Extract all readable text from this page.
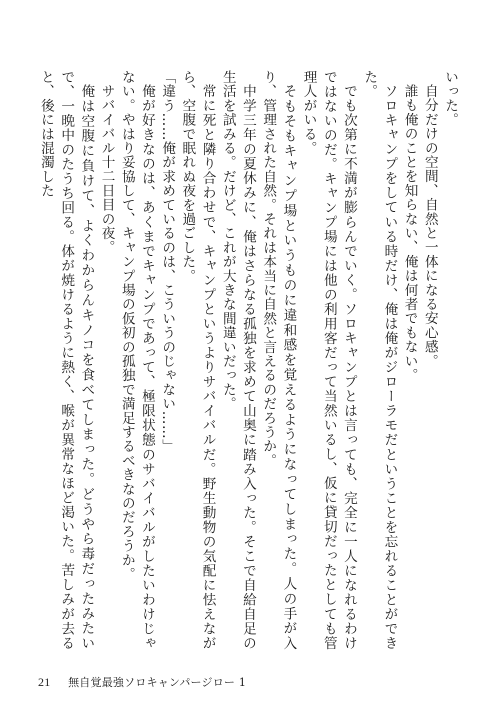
いった。

自分だけの空間、自然と一体になる安心感。

誰も俺のことを知らない、俺は何者でもない。

ソロキャンプをしている時だけ、俺は俺がジローラモだということを忘れることができた。

でも次第に不満が膨らんでいく。ソロキャンプとは言っても、完全に一人になれるわけではないのだ。キャンプ場には他の利用客だって当然いるし、仮に貸切だったとしても管理人がいる。

そもそもキャンプ場というものに違和感を覚えるようになってしまった。人の手が入り、管理された自然。それは本当に自然と言えるのだろうか。

中学三年の夏休みに、俺はさらなる孤独を求めて山奥に踏み入った。そこで自給自足の生活を試みる。だけど、これが大きな間違いだった。

常に死と隣り合わせで、キャンプというよりサバイバルだ。野生動物の気配に怯えながら、空腹で眠れぬ夜を過ごした。

「違う……俺が求めているのは、こういうのじゃない……」

俺が好きなのは、あくまでキャンプであって、極限状態のサバイバルがしたいわけじゃない。やはり妥協して、キャンプ場の仮初の孤独で満足するべきなのだろうか。

サバイバル十二日目の夜。

俺は空腹に負けて、よくわからんキノコを食べてしまった。どうやら毒だったみたいで、一晩中のたうち回る。体が焼けるように熱く、喉が異常なほど渇いた。苦しみが去ると、後には混濁した

21 無自覚最強ソロキャンパージロー 1
